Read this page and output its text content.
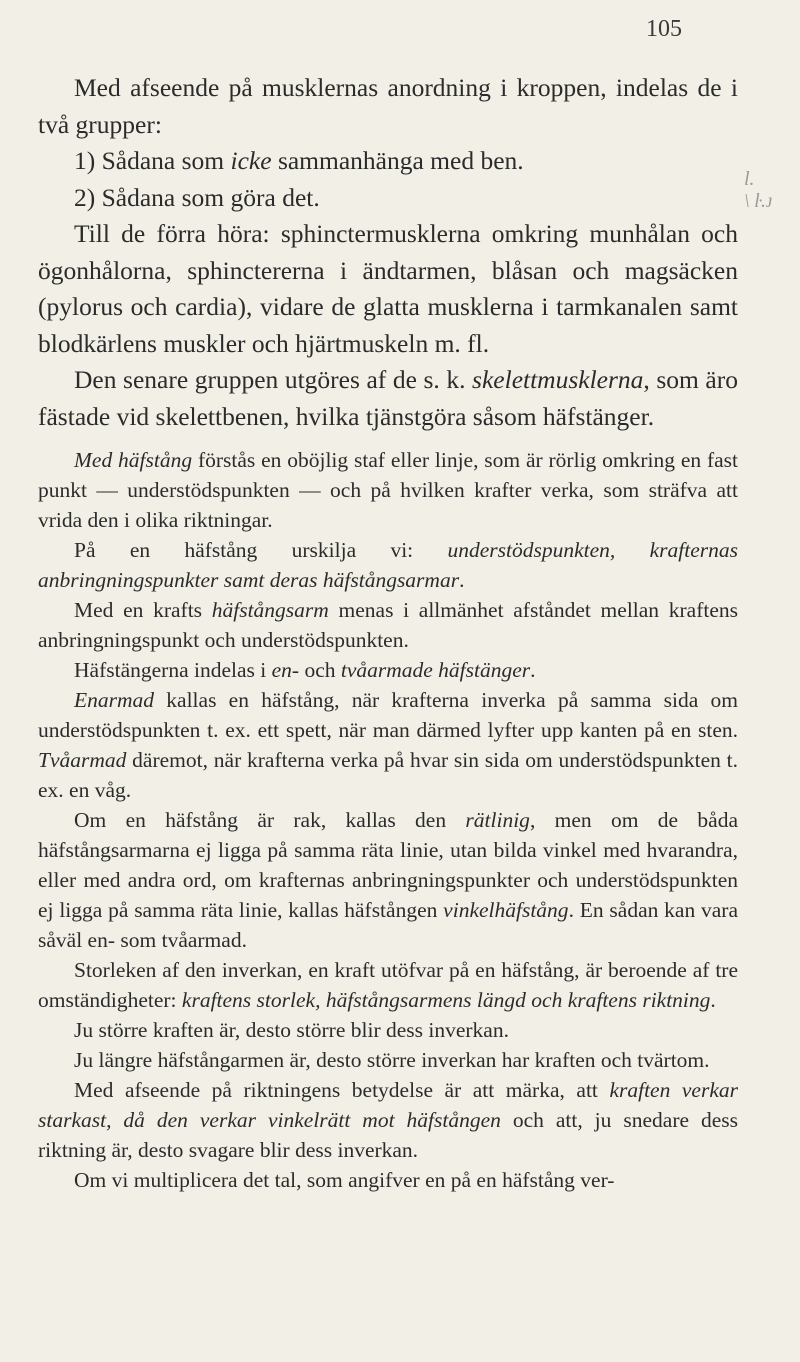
105
l.
\ ŀ.ᴊ

Med afseende på musklernas anordning i kroppen, indelas de i två grupper:

1) Sådana som icke sammanhänga med ben.

2) Sådana som göra det.

Till de förra höra: sphinctermusklerna omkring munhålan och ögonhålorna, sphinctererna i ändtarmen, blåsan och magsäcken (pylorus och cardia), vidare de glatta musklerna i tarmkanalen samt blodkärlens muskler och hjärtmuskeln m. fl.

Den senare gruppen utgöres af de s. k. skelettmusklerna, som äro fästade vid skelettbenen, hvilka tjänstgöra såsom häfstänger.

Med häfstång förstås en oböjlig staf eller linje, som är rörlig omkring en fast punkt — understödspunkten — och på hvilken krafter verka, som sträfva att vrida den i olika riktningar.

På en häfstång urskilja vi: understödspunkten, krafternas anbringningspunkter samt deras häfstångsarmar.

Med en krafts häfstångsarm menas i allmänhet afståndet mellan kraftens anbringningspunkt och understödspunkten.

Häfstängerna indelas i en- och tvåarmade häfstänger.

Enarmad kallas en häfstång, när krafterna inverka på samma sida om understödspunkten t. ex. ett spett, när man därmed lyfter upp kanten på en sten. Tvåarmad däremot, när krafterna verka på hvar sin sida om understödspunkten t. ex. en våg.

Om en häfstång är rak, kallas den rätlinig, men om de båda häfstångsarmarna ej ligga på samma räta linie, utan bilda vinkel med hvarandra, eller med andra ord, om krafternas anbringningspunkter och understödspunkten ej ligga på samma räta linie, kallas häfstången vinkelhäfstång. En sådan kan vara såväl en- som tvåarmad.

Storleken af den inverkan, en kraft utöfvar på en häfstång, är beroende af tre omständigheter: kraftens storlek, häfstångsarmens längd och kraftens riktning.

Ju större kraften är, desto större blir dess inverkan.

Ju längre häfstångarmen är, desto större inverkan har kraften och tvärtom.

Med afseende på riktningens betydelse är att märka, att kraften verkar starkast, då den verkar vinkelrätt mot häfstången och att, ju snedare dess riktning är, desto svagare blir dess inverkan.

Om vi multiplicera det tal, som angifver en på en häfstång ver-
